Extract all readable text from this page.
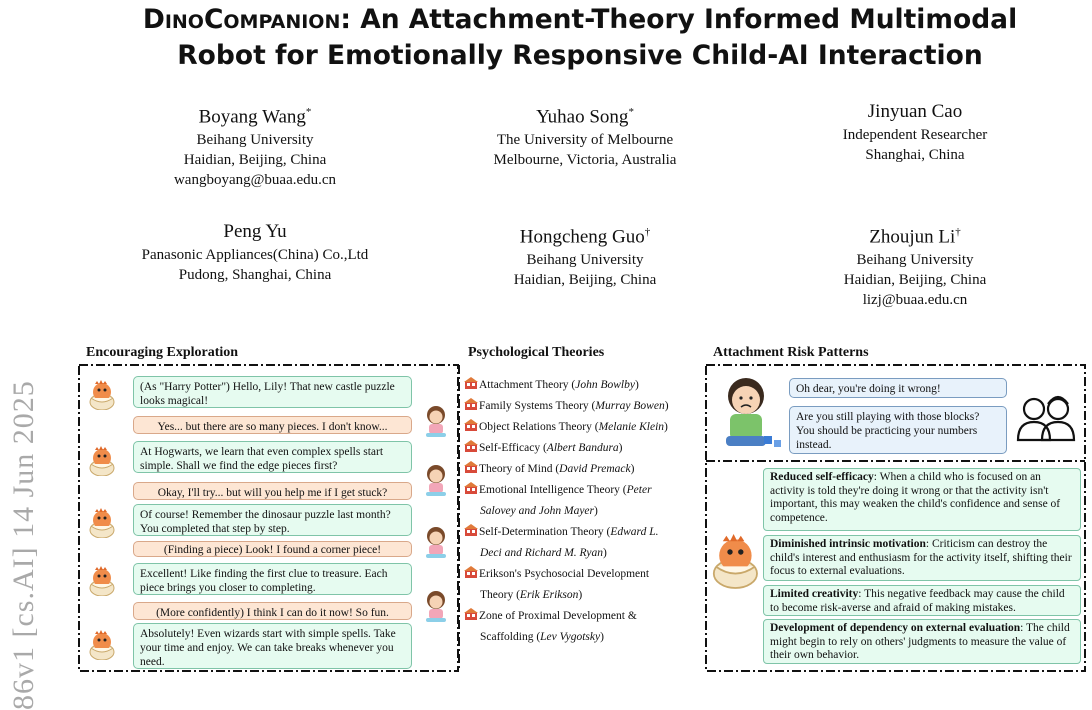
86v1 [cs.AI] 14 Jun 2025
DinoCompanion: An Attachment-Theory Informed Multimodal
Robot for Emotionally Responsive Child-AI Interaction
Boyang Wang*
Beihang University
Haidian, Beijing, China
wangboyang@buaa.edu.cn
Yuhao Song*
The University of Melbourne
Melbourne, Victoria, Australia
Jinyuan Cao
Independent Researcher
Shanghai, China
Peng Yu
Panasonic Appliances(China) Co.,Ltd
Pudong, Shanghai, China
Hongcheng Guo†
Beihang University
Haidian, Beijing, China
Zhoujun Li†
Beihang University
Haidian, Beijing, China
lizj@buaa.edu.cn
Encouraging Exploration	Psychological Theories	Attachment Risk Patterns
(As "Harry Potter") Hello, Lily! That new castle puzzle looks magical!
Yes... but there are so many pieces. I don't know...
At Hogwarts, we learn that even complex spells start simple. Shall we find the edge pieces first?
Okay, I'll try... but will you help me if I get stuck?
Of course! Remember the dinosaur puzzle last month? You completed that step by step.
(Finding a piece) Look! I found a corner piece!
Excellent! Like finding the first clue to treasure. Each piece brings you closer to completing.
(More confidently) I think I can do it now! So fun.
Absolutely! Even wizards start with simple spells. Take your time and enjoy. We can take breaks whenever you need.
Attachment Theory (John Bowlby)
Family Systems Theory (Murray Bowen)
Object Relations Theory (Melanie Klein)
Self-Efficacy (Albert Bandura)
Theory of Mind (David Premack)
Emotional Intelligence Theory (Peter
Salovey and John Mayer)
Self-Determination Theory (Edward L.
Deci and Richard M. Ryan)
Erikson's Psychosocial Development
Theory (Erik Erikson)
Zone of Proximal Development &
Scaffolding (Lev Vygotsky)
Oh dear, you're doing it wrong!
Are you still playing with those blocks? You should be practicing your numbers instead.
Reduced self-efficacy: When a child who is focused on an activity is told they're doing it wrong or that the activity isn't important, this may weaken the child's confidence and sense of competence.
Diminished intrinsic motivation: Criticism can destroy the child's interest and enthusiasm for the activity itself, shifting their focus to external evaluations.
Limited creativity: This negative feedback may cause the child to become risk-averse and afraid of making mistakes.
Development of dependency on external evaluation: The child might begin to rely on others' judgments to measure the value of their own behavior.
